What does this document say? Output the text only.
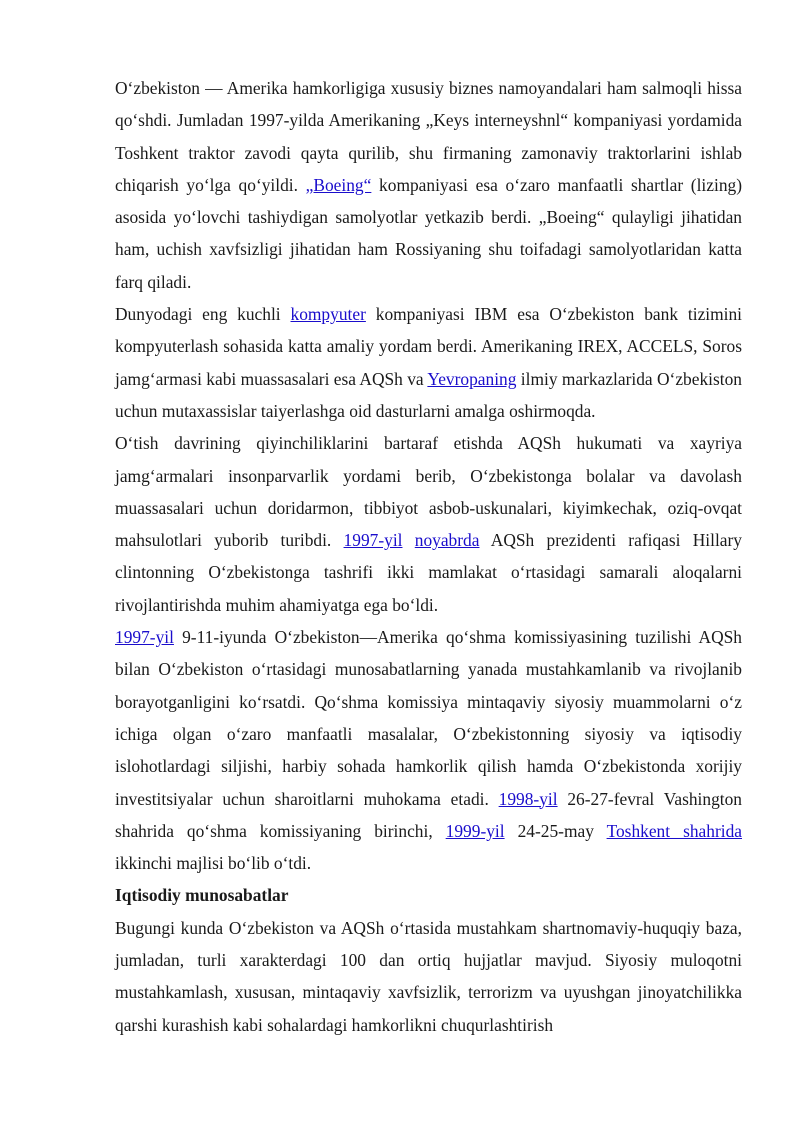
O‘zbekiston — Amerika hamkorligiga xususiy biznes namoyandalari ham salmoqli hissa qo‘shdi. Jumladan 1997-yilda Amerikaning „Keys interneyshnl“ kompaniyasi yordamida Toshkent traktor zavodi qayta qurilib, shu firmaning zamonaviy traktorlarini ishlab chiqarish yo‘lga qo‘yildi. „Boeing“ kompaniyasi esa o‘zaro manfaatli shartlar (lizing) asosida yo‘lovchi tashiydigan samolyotlar yetkazib berdi. „Boeing“ qulayligi jihatidan ham, uchish xavfsizligi jihatidan ham Rossiyaning shu toifadagi samolyotlaridan katta farq qiladi.

Dunyodagi eng kuchli kompyuter kompaniyasi IBM esa O‘zbekiston bank tizimini kompyuterlash sohasida katta amaliy yordam berdi. Amerikaning IREX, ACCELS, Soros jamg‘armasi kabi muassasalari esa AQSh va Yevropaning ilmiy markazlarida O‘zbekiston uchun mutaxassislar taiyerlashga oid dasturlarni amalga oshirmoqda.

O‘tish davrining qiyinchiliklarini bartaraf etishda AQSh hukumati va xayriya jamg‘armalari insonparvarlik yordami berib, O‘zbekistonga bolalar va davolash muassasalari uchun doridarmon, tibbiyot asbob-uskunalari, kiyimkechak, oziq-ovqat mahsulotlari yuborib turibdi. 1997-yil noyabrda AQSh prezidenti rafiqasi Hillary clintonning O‘zbekistonga tashrifi ikki mamlakat o‘rtasidagi samarali aloqalarni rivojlantirishda muhim ahamiyatga ega bo‘ldi.

1997-yil 9-11-iyunda O‘zbekiston—Amerika qo‘shma komissiyasining tuzilishi AQSh bilan O‘zbekiston o‘rtasidagi munosabatlarning yanada mustahkamlanib va rivojlanib borayotganligini ko‘rsatdi. Qo‘shma komissiya mintaqaviy siyosiy muammolarni o‘z ichiga olgan o‘zaro manfaatli masalalar, O‘zbekistonning siyosiy va iqtisodiy islohotlardagi siljishi, harbiy sohada hamkorlik qilish hamda O‘zbekistonda xorijiy investitsiyalar uchun sharoitlarni muhokama etadi. 1998-yil 26-27-fevral Vashington shahrida qo‘shma komissiyaning birinchi, 1999-yil 24-25-may Toshkent shahrida ikkinchi majlisi bo‘lib o‘tdi.

Iqtisodiy munosabatlar

Bugungi kunda O‘zbekiston va AQSh o‘rtasida mustahkam shartnomaviy-huquqiy baza, jumladan, turli xarakterdagi 100 dan ortiq hujjatlar mavjud. Siyosiy muloqotni mustahkamlash, xususan, mintaqaviy xavfsizlik, terrorizm va uyushgan jinoyatchilikka qarshi kurashish kabi sohalardagi hamkorlikni chuqurlashtirish
